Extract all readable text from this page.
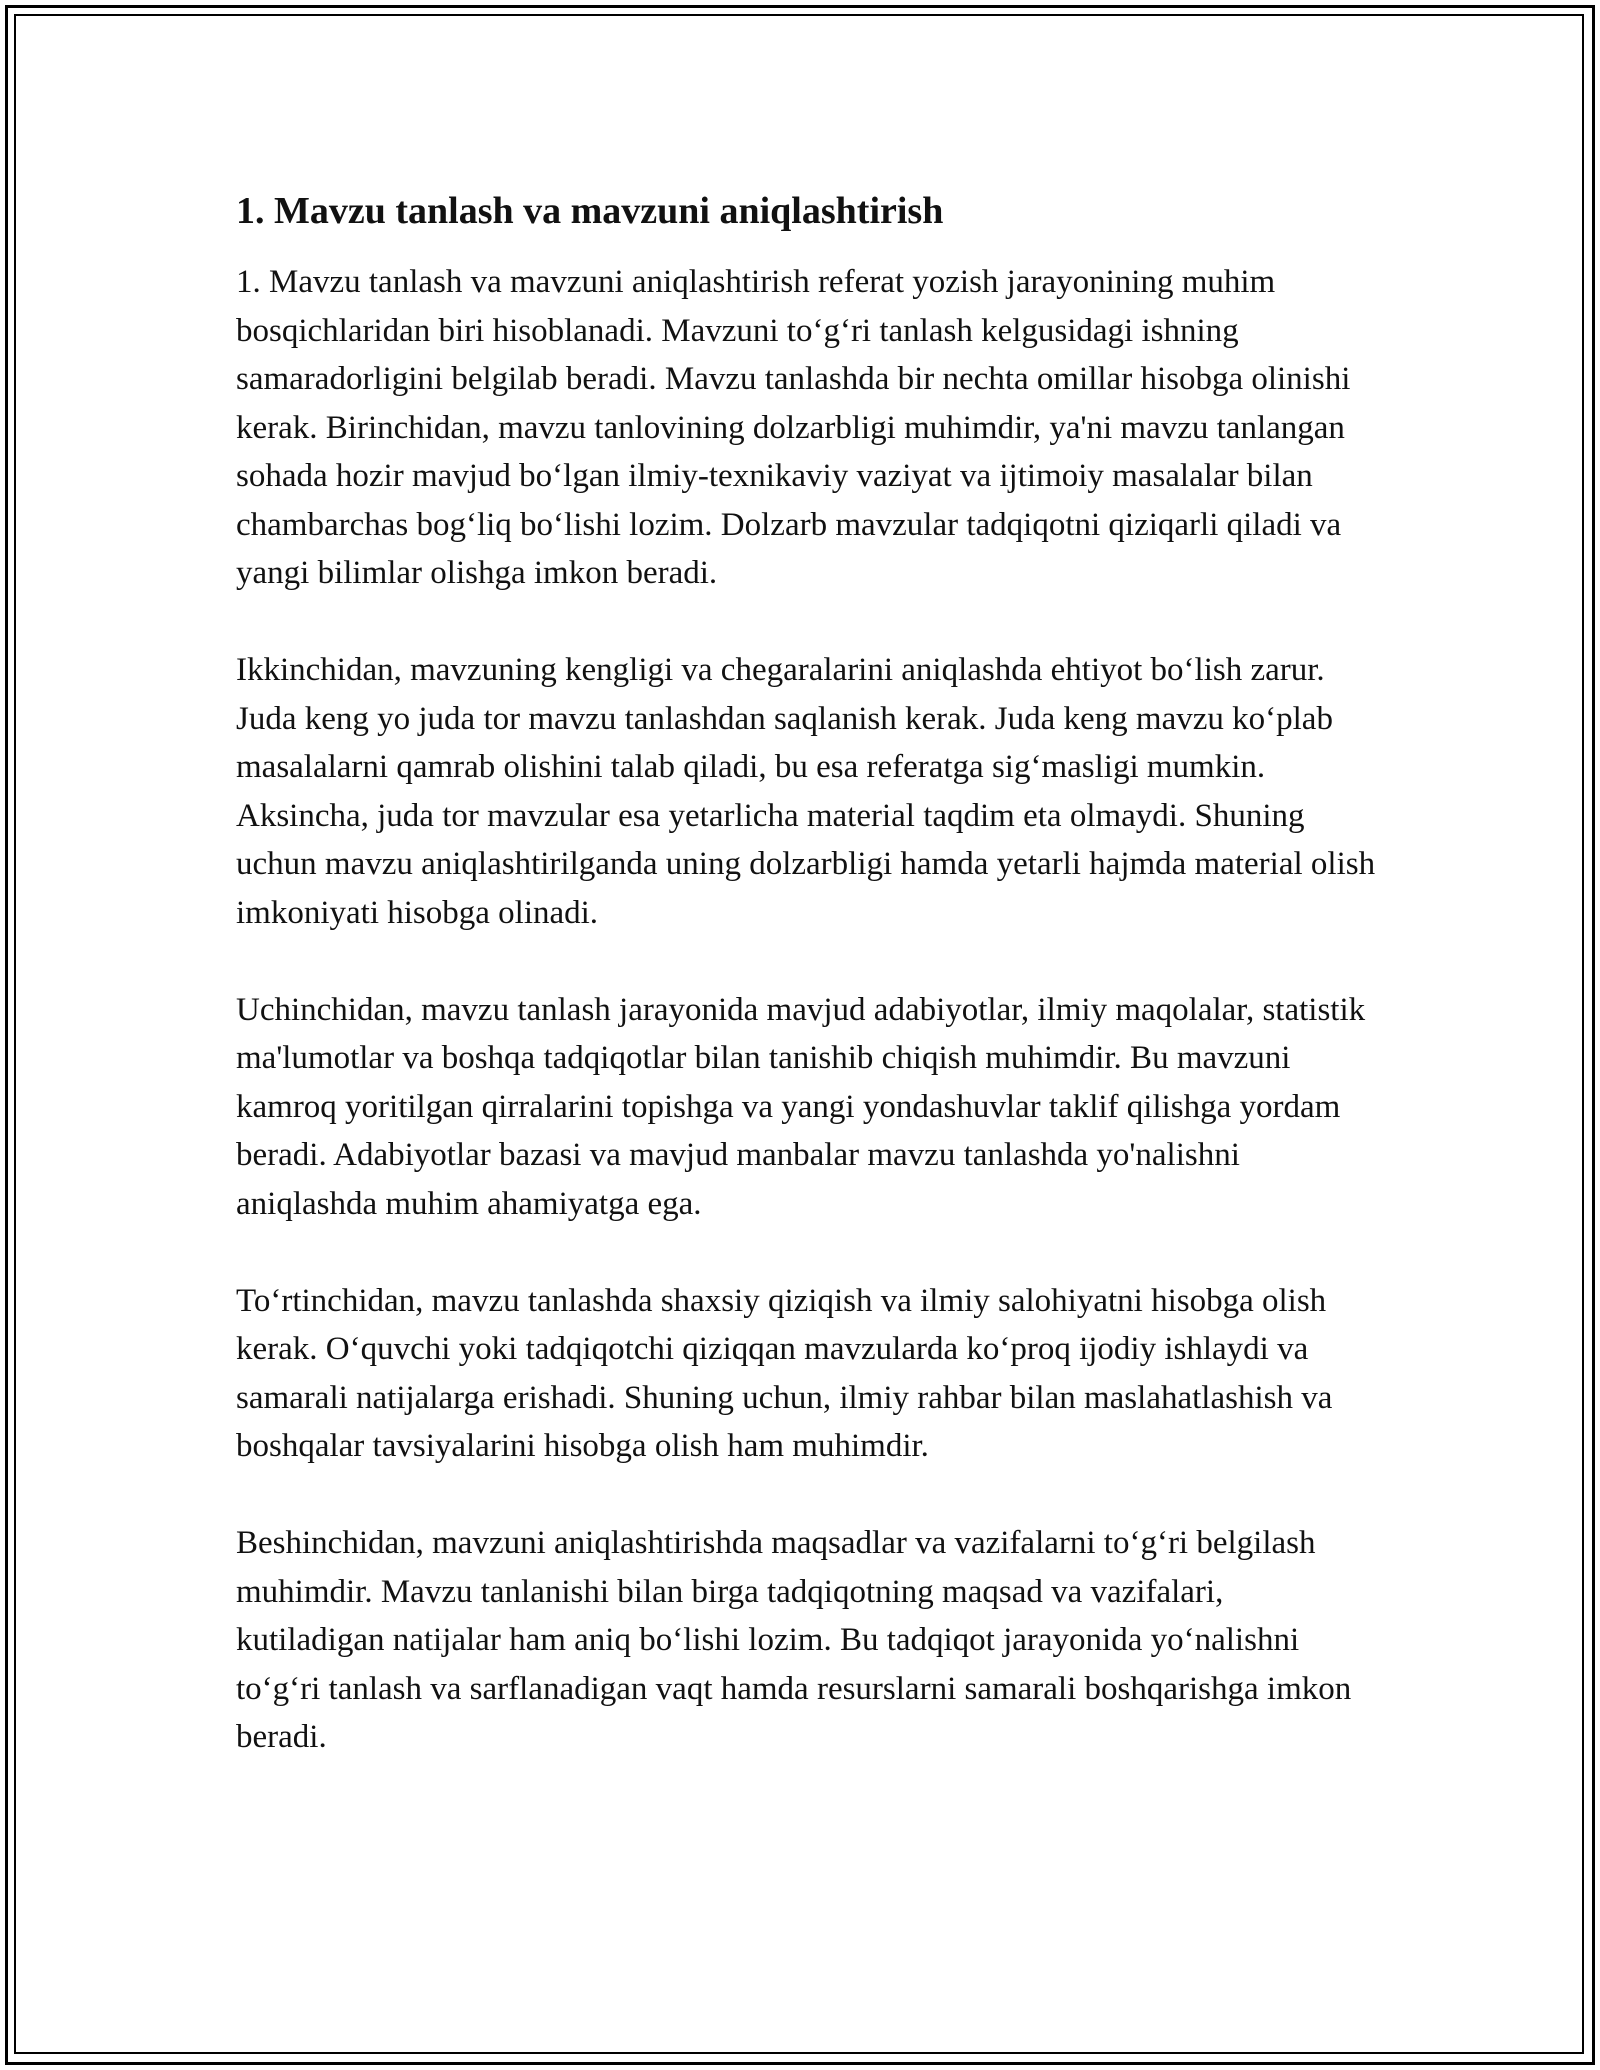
1. Mavzu tanlash va mavzuni aniqlashtirish

1. Mavzu tanlash va mavzuni aniqlashtirish referat yozish jarayonining muhim bosqichlaridan biri hisoblanadi. Mavzuni to‘g‘ri tanlash kelgusidagi ishning samaradorligini belgilab beradi. Mavzu tanlashda bir nechta omillar hisobga olinishi kerak. Birinchidan, mavzu tanlovining dolzarbligi muhimdir, ya'ni mavzu tanlangan sohada hozir mavjud bo‘lgan ilmiy-texnikaviy vaziyat va ijtimoiy masalalar bilan chambarchas bog‘liq bo‘lishi lozim. Dolzarb mavzular tadqiqotni qiziqarli qiladi va yangi bilimlar olishga imkon beradi.

Ikkinchidan, mavzuning kengligi va chegaralarini aniqlashda ehtiyot bo‘lish zarur. Juda keng yo juda tor mavzu tanlashdan saqlanish kerak. Juda keng mavzu ko‘plab masalalarni qamrab olishini talab qiladi, bu esa referatga sig‘masligi mumkin. Aksincha, juda tor mavzular esa yetarlicha material taqdim eta olmaydi. Shuning uchun mavzu aniqlashtirilganda uning dolzarbligi hamda yetarli hajmda material olish imkoniyati hisobga olinadi.

Uchinchidan, mavzu tanlash jarayonida mavjud adabiyotlar, ilmiy maqolalar, statistik ma'lumotlar va boshqa tadqiqotlar bilan tanishib chiqish muhimdir. Bu mavzuni kamroq yoritilgan qirralarini topishga va yangi yondashuvlar taklif qilishga yordam beradi. Adabiyotlar bazasi va mavjud manbalar mavzu tanlashda yo'nalishni aniqlashda muhim ahamiyatga ega.

To‘rtinchidan, mavzu tanlashda shaxsiy qiziqish va ilmiy salohiyatni hisobga olish kerak. O‘quvchi yoki tadqiqotchi qiziqqan mavzularda ko‘proq ijodiy ishlaydi va samarali natijalarga erishadi. Shuning uchun, ilmiy rahbar bilan maslahatlashish va boshqalar tavsiyalarini hisobga olish ham muhimdir.

Beshinchidan, mavzuni aniqlashtirishda maqsadlar va vazifalarni to‘g‘ri belgilash muhimdir. Mavzu tanlanishi bilan birga tadqiqotning maqsad va vazifalari, kutiladigan natijalar ham aniq bo‘lishi lozim. Bu tadqiqot jarayonida yo‘nalishni to‘g‘ri tanlash va sarflanadigan vaqt hamda resurslarni samarali boshqarishga imkon beradi.
